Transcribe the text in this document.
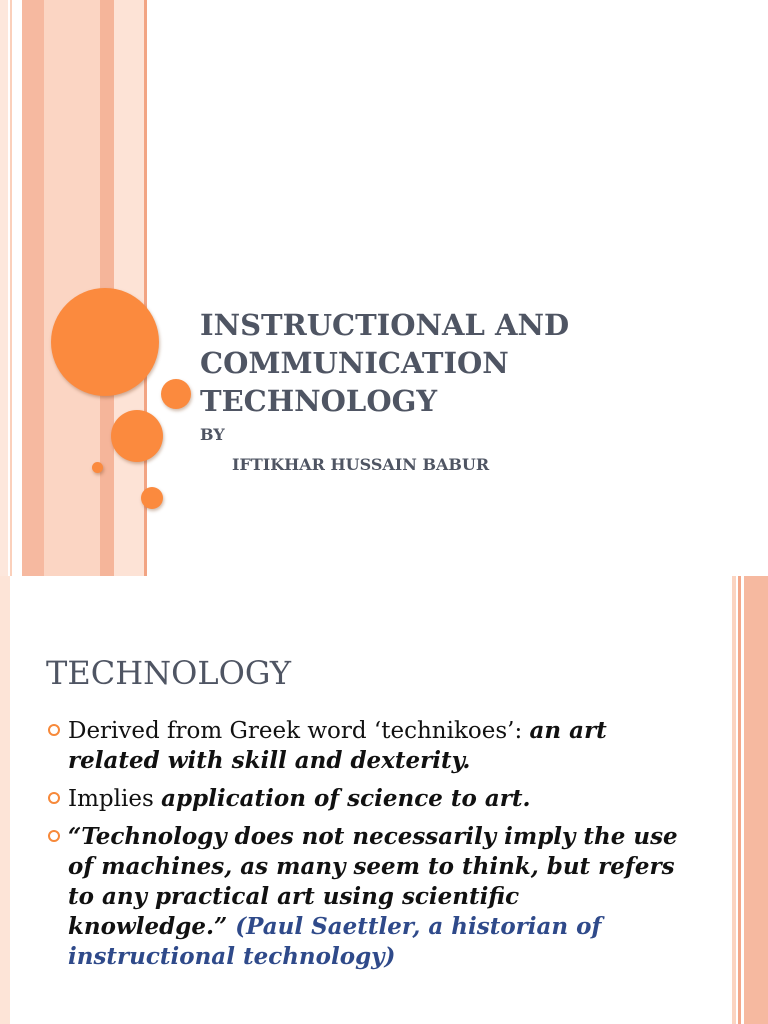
INSTRUCTIONAL AND
COMMUNICATION
TECHNOLOGY
BY
IFTIKHAR HUSSAIN BABUR
TECHNOLOGY
Derived from Greek word ‘technikoes’: an art related with skill and dexterity.
Implies application of science to art.
“Technology does not necessarily imply the use of machines, as many seem to think, but refers to any practical art using scientific knowledge.” (Paul Saettler, a historian of instructional technology)
